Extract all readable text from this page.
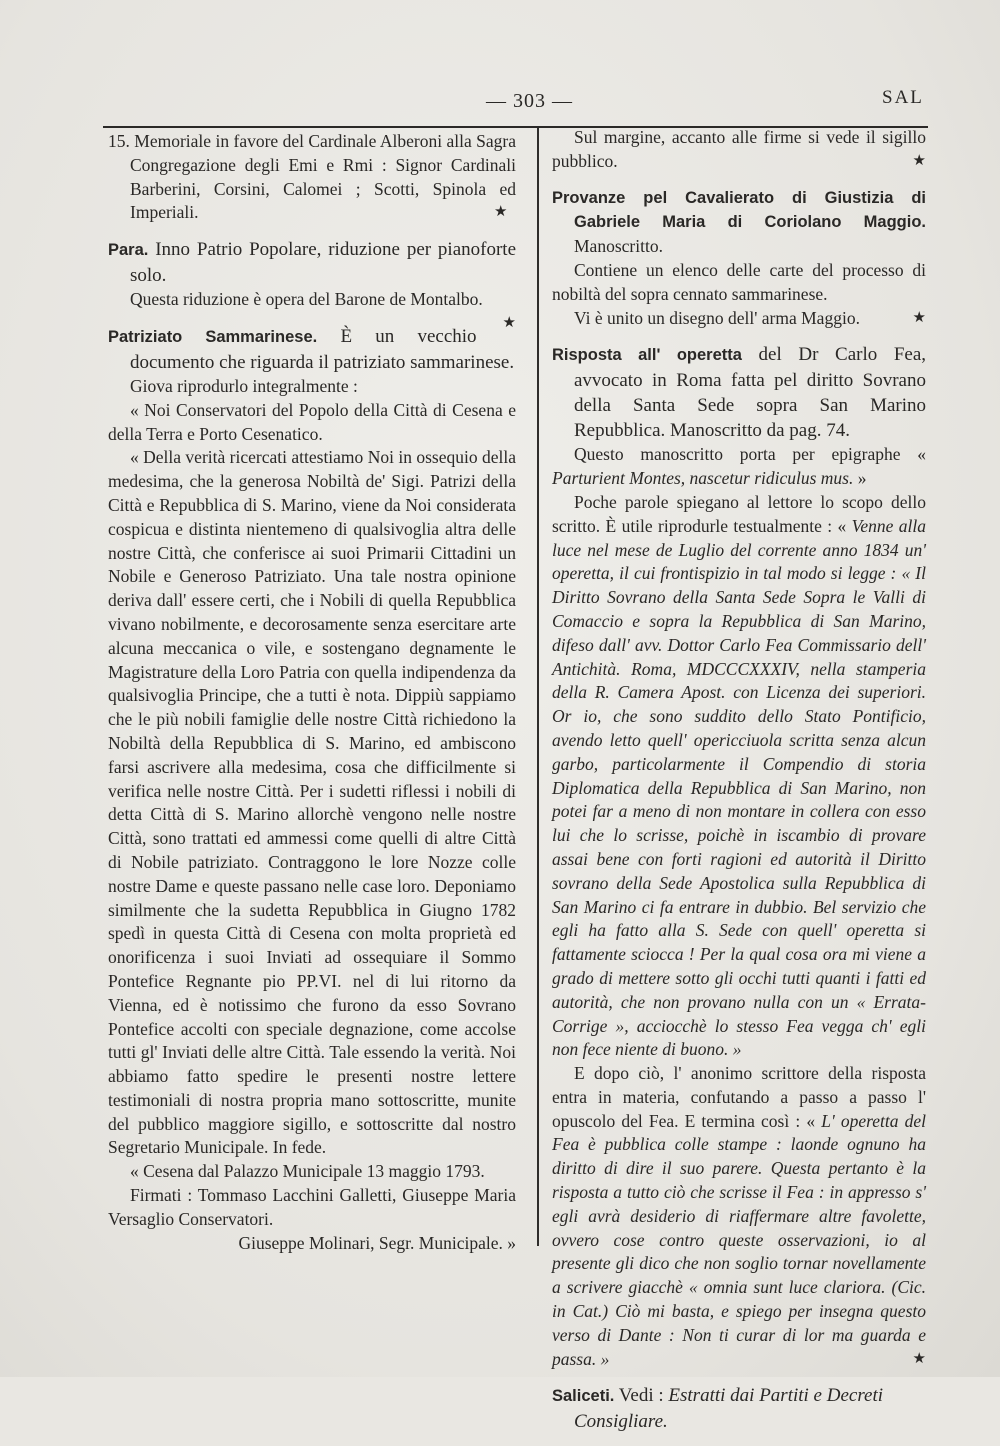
— 303 —	SAL

15. Memoriale in favore del Cardinale Alberoni alla Sagra Congregazione degli Emi e Rmi : Signor Cardinali Barberini, Corsini, Calomei ; Scotti, Spinola ed Imperiali.	★

Para. Inno Patrio Popolare, riduzione per pianoforte solo.

Questa riduzione è opera del Barone de Montalbo.
★

Patriziato Sammarinese. È un vecchio documento che riguarda il patriziato sammarinese.

Giova riprodurlo integralmente :

« Noi Conservatori del Popolo della Città di Cesena e della Terra e Porto Cesenatico.

« Della verità ricercati attestiamo Noi in ossequio della medesima, che la generosa Nobiltà de' Sigi. Patrizi della Città e Repubblica di S. Marino, viene da Noi considerata cospicua e distinta nientemeno di qualsivoglia altra delle nostre Città, che conferisce ai suoi Primarii Cittadini un Nobile e Generoso Patriziato. Una tale nostra opinione deriva dall' essere certi, che i Nobili di quella Repubblica vivano nobilmente, e decorosamente senza esercitare arte alcuna meccanica o vile, e sostengano degnamente le Magistrature della Loro Patria con quella indipendenza da qualsivoglia Principe, che a tutti è nota. Dippiù sappiamo che le più nobili famiglie delle nostre Città richiedono la Nobiltà della Repubblica di S. Marino, ed ambiscono farsi ascrivere alla medesima, cosa che difficilmente si verifica nelle nostre Città. Per i sudetti riflessi i nobili di detta Città di S. Marino allorchè vengono nelle nostre Città, sono trattati ed ammessi come quelli di altre Città di Nobile patriziato. Contraggono le lore Nozze colle nostre Dame e queste passano nelle case loro. Deponiamo similmente che la sudetta Repubblica in Giugno 1782 spedì in questa Città di Cesena con molta proprietà ed onorificenza i suoi Inviati ad ossequiare il Sommo Pontefice Regnante pio PP.VI. nel di lui ritorno da Vienna, ed è notissimo che furono da esso Sovrano Pontefice accolti con speciale degnazione, come accolse tutti gl' Inviati delle altre Città. Tale essendo la verità. Noi abbiamo fatto spedire le presenti nostre lettere testimoniali di nostra propria mano sottoscritte, munite del pubblico maggiore sigillo, e sottoscritte dal nostro Segretario Municipale. In fede.

« Cesena dal Palazzo Municipale 13 maggio 1793.

Firmati : Tommaso Lacchini Galletti, Giuseppe Maria Versaglio Conservatori.

Giuseppe Molinari, Segr. Municipale. »

Sul margine, accanto alle firme si vede il sigillo pubblico.	★

Provanze pel Cavalierato di Giustizia di Gabriele Maria di Coriolano Maggio. Manoscritto.

Contiene un elenco delle carte del processo di nobiltà del sopra cennato sammarinese.

Vi è unito un disegno dell' arma Maggio.	★

Risposta all' operetta del Dr Carlo Fea, avvocato in Roma fatta pel diritto Sovrano della Santa Sede sopra San Marino Repubblica. Manoscritto da pag. 74.

Questo manoscritto porta per epigraphe « Parturient Montes, nascetur ridiculus mus. »

Poche parole spiegano al lettore lo scopo dello scritto. È utile riprodurle testualmente : « Venne alla luce nel mese de Luglio del corrente anno 1834 un' operetta, il cui frontispizio in tal modo si legge : « Il Diritto Sovrano della Santa Sede Sopra le Valli di Comaccio e sopra la Repubblica di San Marino, difeso dall' avv. Dottor Carlo Fea Commissario dell' Antichità. Roma, MDCCCXXXIV, nella stamperia della R. Camera Apost. con Licenza dei superiori. Or io, che sono suddito dello Stato Pontificio, avendo letto quell' opericciuola scritta senza alcun garbo, particolarmente il Compendio di storia Diplomatica della Repubblica di San Marino, non potei far a meno di non montare in collera con esso lui che lo scrisse, poichè in iscambio di provare assai bene con forti ragioni ed autorità il Diritto sovrano della Sede Apostolica sulla Repubblica di San Marino ci fa entrare in dubbio. Bel servizio che egli ha fatto alla S. Sede con quell' operetta si fattamente sciocca ! Per la qual cosa ora mi viene a grado di mettere sotto gli occhi tutti quanti i fatti ed autorità, che non provano nulla con un « Errata-Corrige », acciocchè lo stesso Fea vegga ch' egli non fece niente di buono. »

E dopo ciò, l' anonimo scrittore della risposta entra in materia, confutando a passo a passo l' opuscolo del Fea. E termina così : « L' operetta del Fea è pubblica colle stampe : laonde ognuno ha diritto di dire il suo parere. Questa pertanto è la risposta a tutto ciò che scrisse il Fea : in appresso s' egli avrà desiderio di riaffermare altre favolette, ovvero cose contro queste osservazioni, io al presente gli dico che non soglio tornar novellamente a scrivere giacchè « omnia sunt luce clariora. (Cic. in Cat.) Ciò mi basta, e spiego per insegna questo verso di Dante : Non ti curar di lor ma guarda e passa. »	★

Saliceti. Vedi : Estratti dai Partiti e Decreti Consigliare.
